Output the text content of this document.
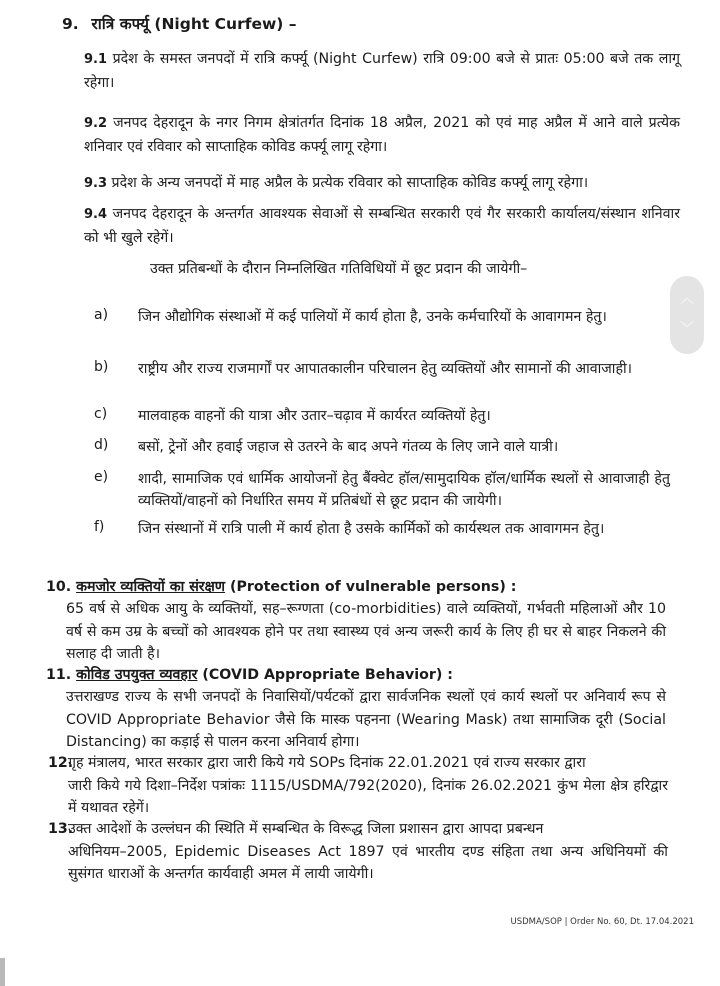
9. रात्रि कर्फ्यू (Night Curfew) –
9.1 प्रदेश के समस्त जनपदों में रात्रि कर्फ्यू (Night Curfew) रात्रि 09:00 बजे से प्रातः 05:00 बजे तक लागू रहेगा।
9.2 जनपद देहरादून के नगर निगम क्षेत्रांतर्गत दिनांक 18 अप्रैल, 2021 को एवं माह अप्रैल में आने वाले प्रत्येक शनिवार एवं रविवार को साप्ताहिक कोविड कर्फ्यू लागू रहेगा।
9.3 प्रदेश के अन्य जनपदों में माह अप्रैल के प्रत्येक रविवार को साप्ताहिक कोविड कर्फ्यू लागू रहेगा।
9.4 जनपद देहरादून के अन्तर्गत आवश्यक सेवाओं से सम्बन्धित सरकारी एवं गैर सरकारी कार्यालय/संस्थान शनिवार को भी खुले रहेगें।
उक्त प्रतिबन्धों के दौरान निम्नलिखित गतिविधियों में छूट प्रदान की जायेगी–
a) जिन औद्योगिक संस्थाओं में कई पालियों में कार्य होता है, उनके कर्मचारियों के आवागमन हेतु।
b) राष्ट्रीय और राज्य राजमार्गों पर आपातकालीन परिचालन हेतु व्यक्तियों और सामानों की आवाजाही।
c) मालवाहक वाहनों की यात्रा और उतार–चढ़ाव में कार्यरत व्यक्तियों हेतु।
d) बसों, ट्रेनों और हवाई जहाज से उतरने के बाद अपने गंतव्य के लिए जाने वाले यात्री।
e) शादी, सामाजिक एवं धार्मिक आयोजनों हेतु बैंक्वेट हॉल/सामुदायिक हॉल/धार्मिक स्थलों से आवाजाही हेतु व्यक्तियों/वाहनों को निर्धारित समय में प्रतिबंधों से छूट प्रदान की जायेगी।
f) जिन संस्थानों में रात्रि पाली में कार्य होता है उसके कार्मिकों को कार्यस्थल तक आवागमन हेतु।
10. कमजोर व्यक्तियों का संरक्षण (Protection of vulnerable persons) :
65 वर्ष से अधिक आयु के व्यक्तियों, सह–रूग्णता (co-morbidities) वाले व्यक्तियों, गर्भवती महिलाओं और 10 वर्ष से कम उम्र के बच्चों को आवश्यक होने पर तथा स्वास्थ्य एवं अन्य जरूरी कार्य के लिए ही घर से बाहर निकलने की सलाह दी जाती है।
11. कोविड उपयुक्त व्यवहार (COVID Appropriate Behavior) :
उत्तराखण्ड राज्य के सभी जनपदों के निवासियों/पर्यटकों द्वारा सार्वजनिक स्थलों एवं कार्य स्थलों पर अनिवार्य रूप से COVID Appropriate Behavior जैसे कि मास्क पहनना (Wearing Mask) तथा सामाजिक दूरी (Social Distancing) का कड़ाई से पालन करना अनिवार्य होगा।
12.गृह मंत्रालय, भारत सरकार द्वारा जारी किये गये SOPs दिनांक 22.01.2021 एवं राज्य सरकार द्वारा
जारी किये गये दिशा–निर्देश पत्रांकः 1115/USDMA/792(2020), दिनांक 26.02.2021 कुंभ मेला क्षेत्र हरिद्वार में यथावत रहेगें।
13.उक्त आदेशों के उल्लंघन की स्थिति में सम्बन्धित के विरूद्ध जिला प्रशासन द्वारा आपदा प्रबन्धन
अधिनियम–2005, Epidemic Diseases Act 1897 एवं भारतीय दण्ड संहिता तथा अन्य अधिनियमों की सुसंगत धाराओं के अन्तर्गत कार्यवाही अमल में लायी जायेगी।
USDMA/SOP | Order No. 60, Dt. 17.04.2021
︿
﹀
